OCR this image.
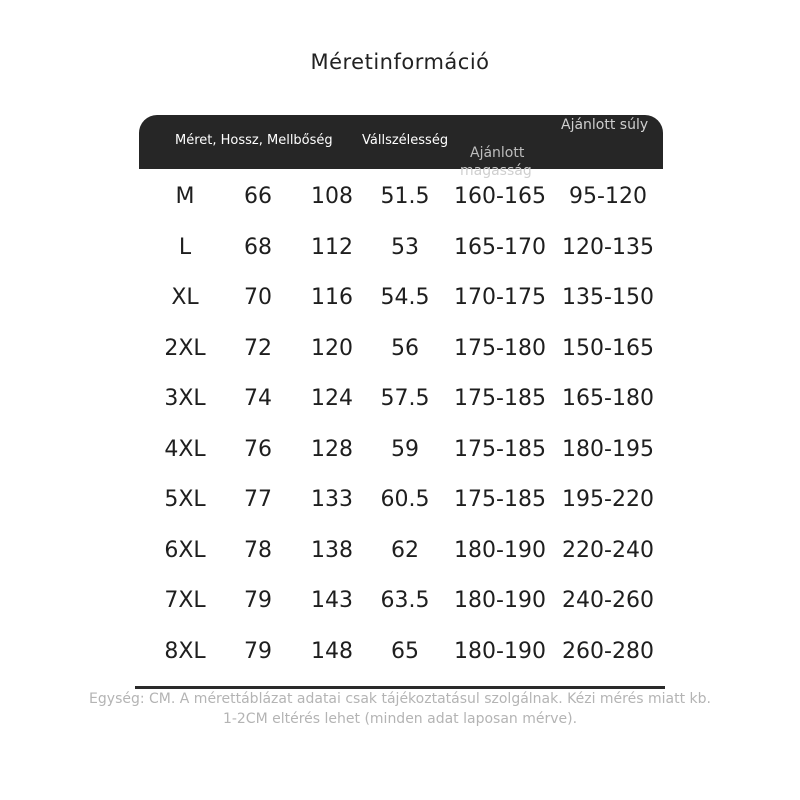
Méretinformáció
Méret, Hossz, Mellbőség Vállszélesség
Ajánlott
magasság
Ajánlott súly
M 66 108 51.5 160-165 95-120
L 68 112 53 165-170 120-135
XL 70 116 54.5 170-175 135-150
2XL 72 120 56 175-180 150-165
3XL 74 124 57.5 175-185 165-180
4XL 76 128 59 175-185 180-195
5XL 77 133 60.5 175-185 195-220
6XL 78 138 62 180-190 220-240
7XL 79 143 63.5 180-190 240-260
8XL 79 148 65 180-190 260-280
Egység: CM. A mérettáblázat adatai csak tájékoztatásul szolgálnak. Kézi mérés miatt kb.
1-2CM eltérés lehet (minden adat laposan mérve).
